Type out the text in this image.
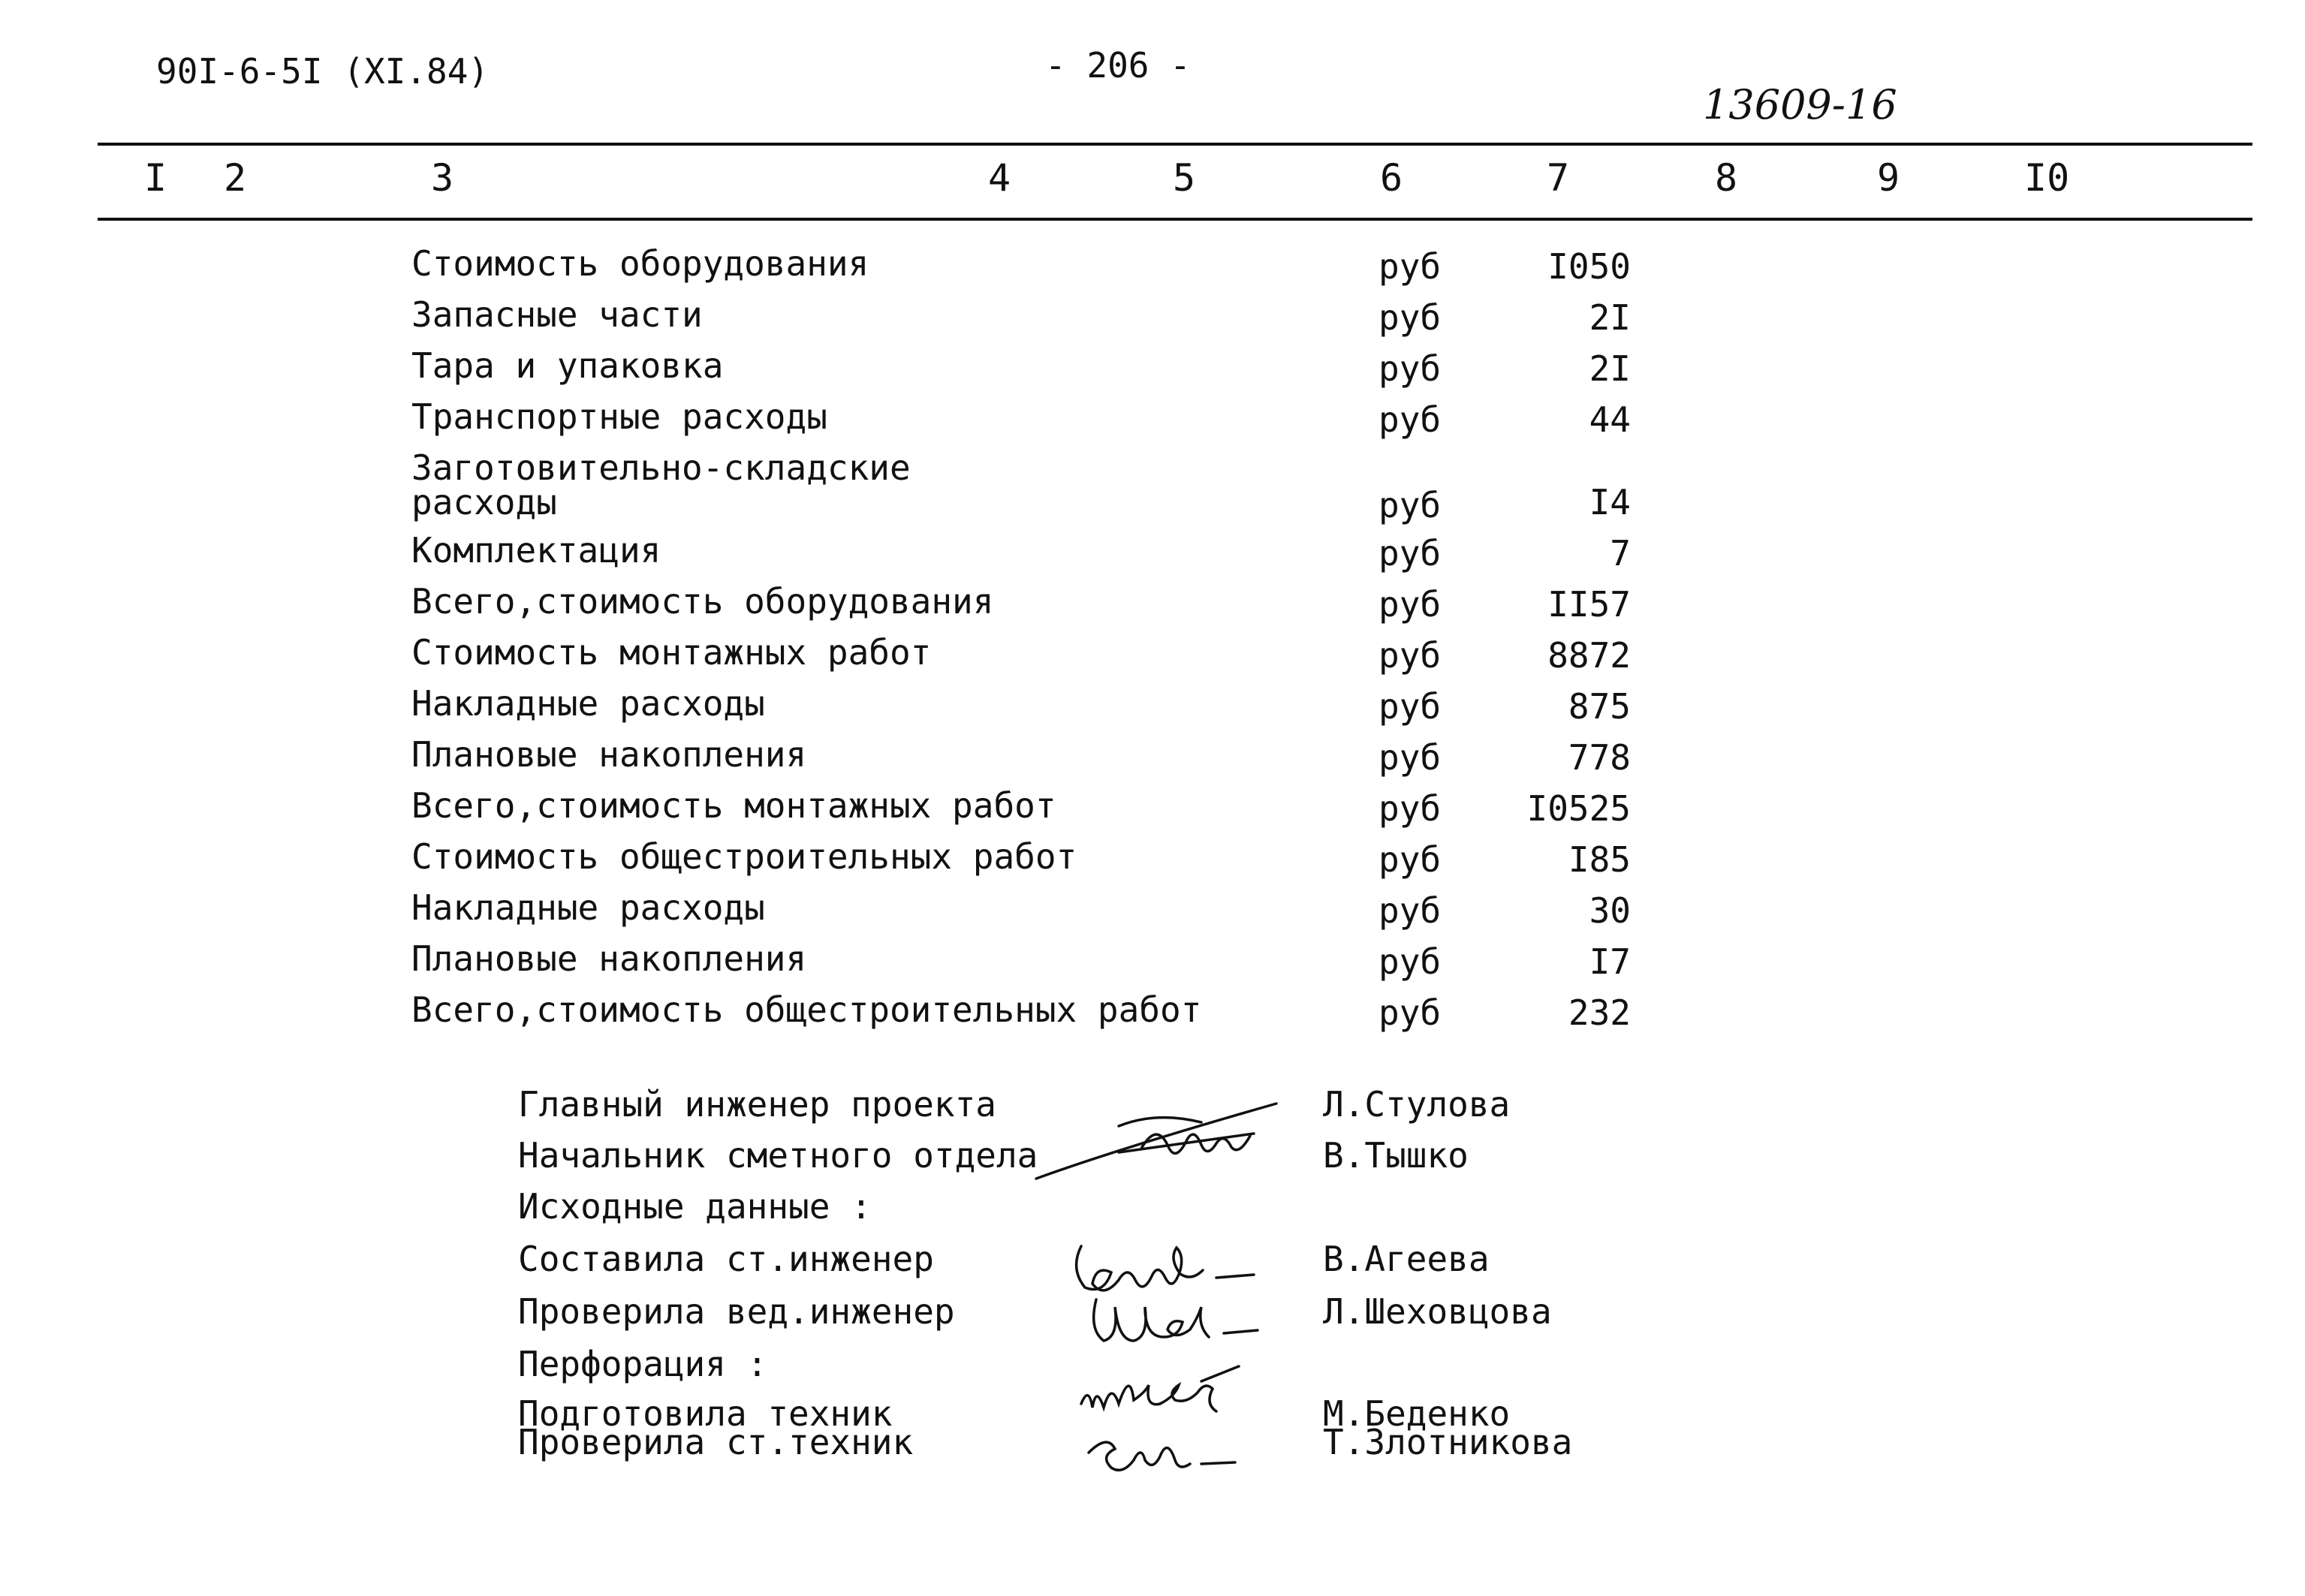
90I-6-5I (XI.84)	- 206 -
13609-16
I 2	3	4	5	6	7	8	9	I0
Стоимость оборудования	руб	I050
Запасные части	руб	2I
Тара и упаковка	руб	2I
Транспортные расходы	руб	44
Заготовительно-складские
расходы	руб	I4
Комплектация	руб	7
Всего,стоимость оборудования	руб	II57
Стоимость монтажных работ	руб	8872
Накладные расходы	руб	875
Плановые накопления	руб	778
Всего,стоимость монтажных работ	руб I0525
Стоимость общестроительных работ	руб	I85
Накладные расходы	руб	30
Плановые накопления	руб	I7
Всего,стоимость общестроительных работ	руб	232
Главный инженер проекта	Л.Стулова
Начальник сметного отдела	В.Тышко
Исходные данные :
Составила ст.инженер	В.Агеева
Проверила вед.инженер	Л.Шеховцова
Перфорация :
Подготовила техник	М.Беденко
Проверила ст.техник	Т.Злотникова
